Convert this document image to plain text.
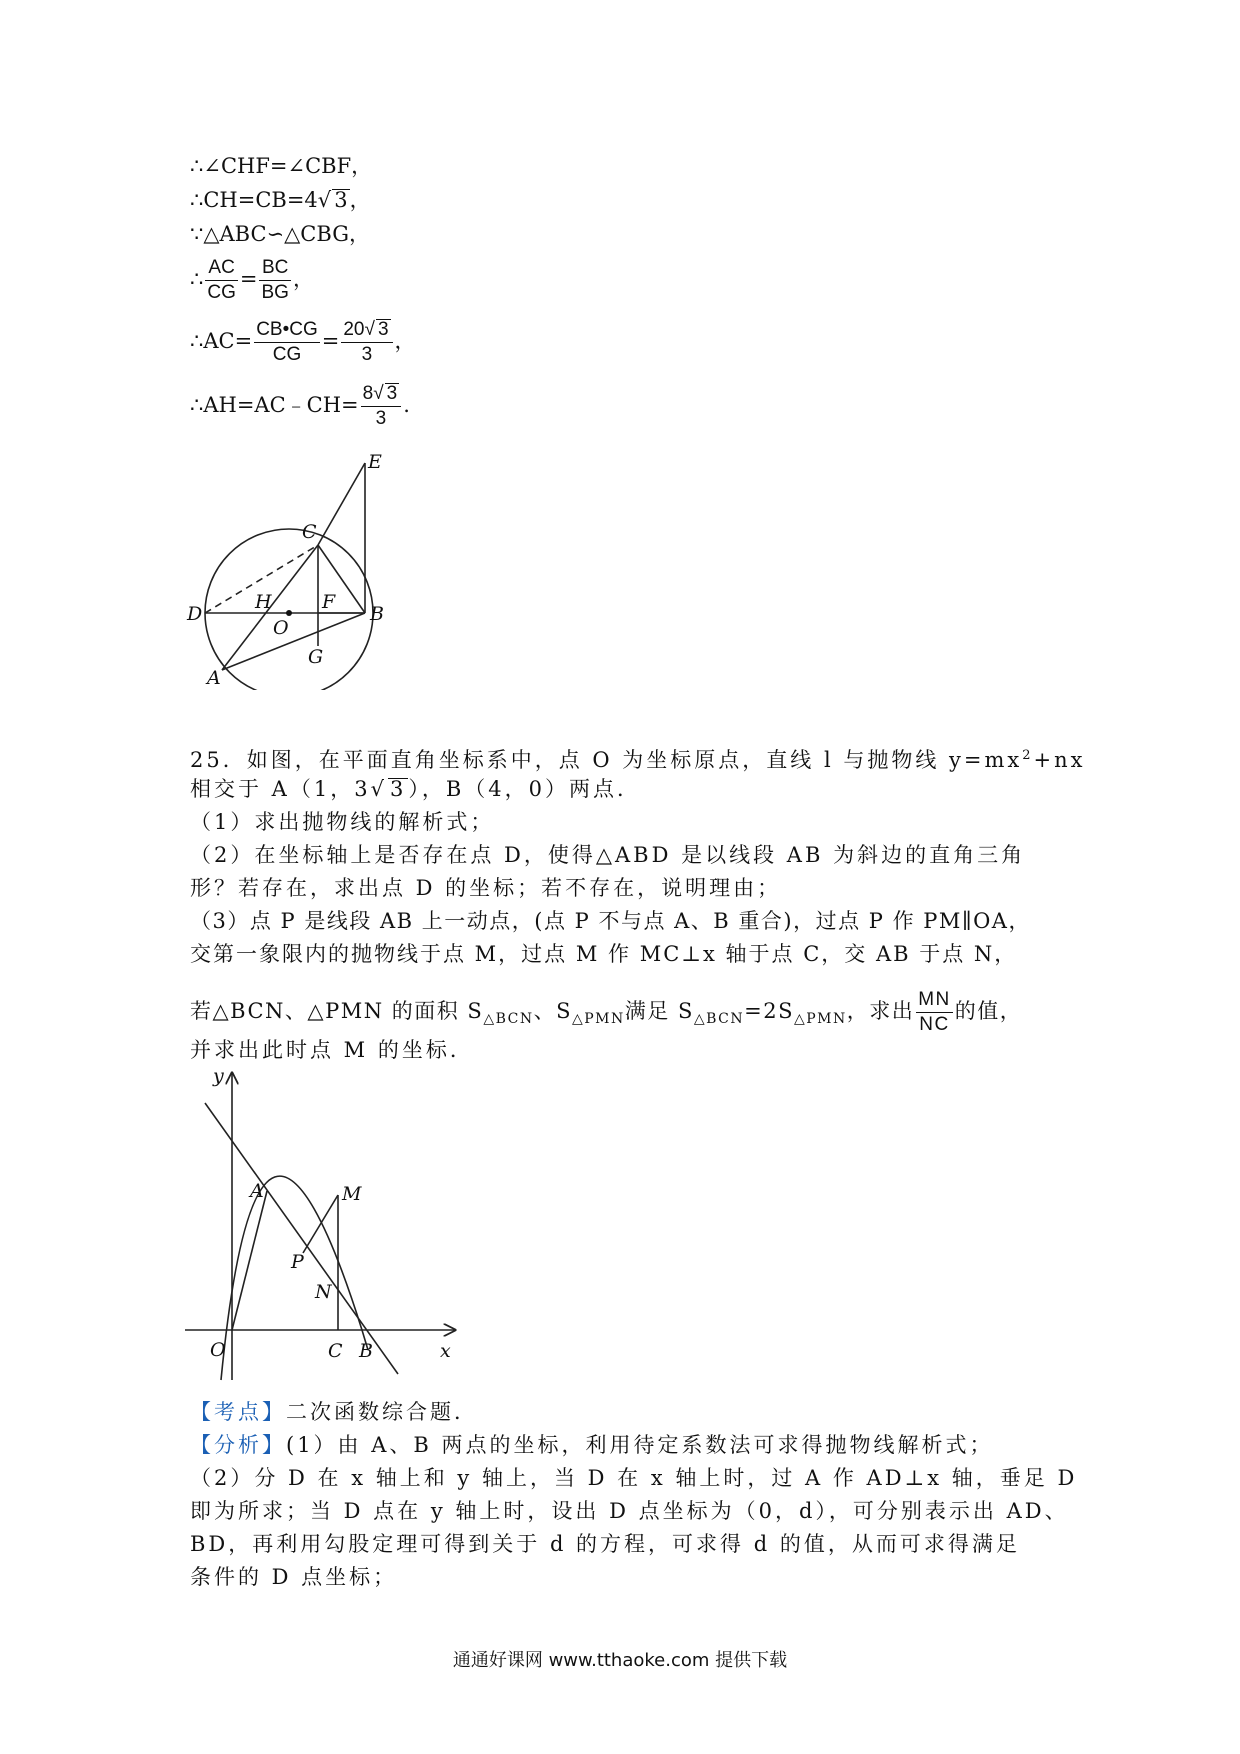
∴∠CHF=∠CBF，
∴CH=CB=4√ 3，
∵△ABC∽△CBG，
∴ $\frac{AC}{CG} = \frac{BC}{BG}$ ，
∴AC= $\frac{CB•CG}{CG} = \frac{20√ 3}{3}$ ，
∴AH=AC﹣CH= $\frac{8√ 3}{3}$ .
E
C
D
H
O
F
B
G
A
25．如图，在平面直角坐标系中，点 O 为坐标原点，直线 l 与抛物线 $y=mx^2+nx$
相交于 A（1，3√ 3），B（4，0）两点．
（1）求出抛物线的解析式；
（2）在坐标轴上是否存在点 D，使得△ABD 是以线段 AB 为斜边的直角三角
形？若存在，求出点 D 的坐标；若不存在，说明理由；
（3）点 P 是线段 AB 上一动点，(点 P 不与点 A、B 重合)，过点 P 作 PM∥OA，
交第一象限内的抛物线于点 M，过点 M 作 MC⊥x 轴于点 C，交 AB 于点 N，
若△BCN、△PMN 的面积 $S_{\triangle BCN}$、$S_{\triangle PMN}$满足 $S_{\triangle BCN}=2S_{\triangle PMN}$，求出 $\frac{MN}{NC}$ 的值，
并求出此时点 M 的坐标．
y
x
O
A	M
P
N
C B
【考点】二次函数综合题．
【分析】(1）由 A、B 两点的坐标，利用待定系数法可求得抛物线解析式；
（2）分 D 在 x 轴上和 y 轴上，当 D 在 x 轴上时，过 A 作 AD⊥x 轴，垂足 D
即为所求；当 D 点在 y 轴上时，设出 D 点坐标为（0，d），可分别表示出 AD、
BD，再利用勾股定理可得到关于 d 的方程，可求得 d 的值，从而可求得满足
条件的 D 点坐标；
通通好课网 www.tthaoke.com 提供下载
